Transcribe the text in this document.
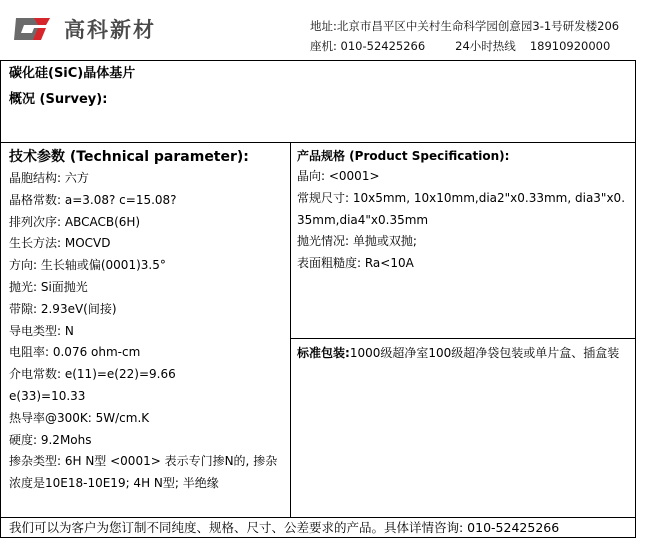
高科新材	地址:北京市昌平区中关村生命科学园创意园3-1号研发楼206
座机: 010-52425266	24小时热线 18910920000
碳化硅(SiC)晶体基片
概况 (Survey):
技术参数 (Technical parameter):
晶胞结构: 六方
晶格常数: a=3.08? c=15.08?
排列次序: ABCACB(6H)
生长方法: MOCVD
方向: 生长轴或偏(0001)3.5°
抛光: Si面抛光
带隙: 2.93eV(间接)
导电类型: N
电阻率: 0.076 ohm-cm
介电常数: e(11)=e(22)=9.66
e(33)=10.33
热导率@300K: 5W/cm.K
硬度: 9.2Mohs
掺杂类型: 6H N型 <0001> 表示专门掺N的, 掺杂浓度是10E18-10E19; 4H N型; 半绝缘
产品规格 (Product Specification):
晶向: <0001>
常规尺寸: 10x5mm, 10x10mm,dia2"x0.33mm, dia3"x0.35mm,dia4"x0.35mm
抛光情况: 单抛或双抛;
表面粗糙度: Ra<10A
标准包装:1000级超净室100级超净袋包装或单片盒、插盒装
我们可以为客户为您订制不同纯度、规格、尺寸、公差要求的产品。具体详情咨询: 010-52425266
